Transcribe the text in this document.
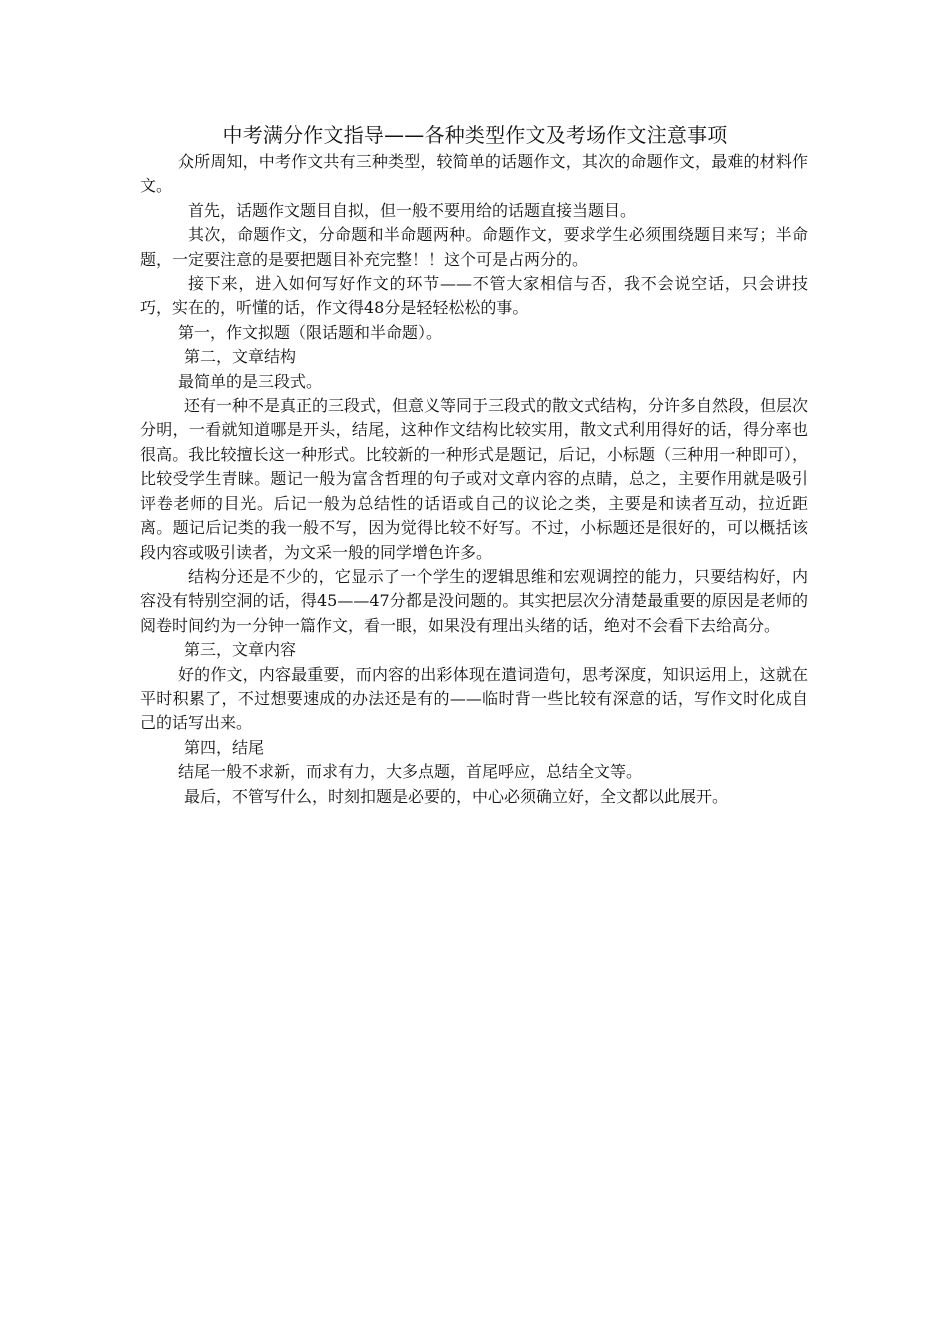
中考满分作文指导——各种类型作文及考场作文注意事项

众所周知，中考作文共有三种类型，较简单的话题作文，其次的命题作文，最难的材料作文。

首先，话题作文题目自拟，但一般不要用给的话题直接当题目。

其次，命题作文，分命题和半命题两种。命题作文，要求学生必须围绕题目来写；半命题，一定要注意的是要把题目补充完整！！这个可是占两分的。

接下来，进入如何写好作文的环节——不管大家相信与否，我不会说空话，只会讲技巧，实在的，听懂的话，作文得48分是轻轻松松的事。

第一，作文拟题（限话题和半命题）。

第二，文章结构

最简单的是三段式。

还有一种不是真正的三段式，但意义等同于三段式的散文式结构，分许多自然段，但层次分明，一看就知道哪是开头，结尾，这种作文结构比较实用，散文式利用得好的话，得分率也很高。我比较擅长这一种形式。比较新的一种形式是题记，后记，小标题（三种用一种即可），比较受学生青睐。题记一般为富含哲理的句子或对文章内容的点睛，总之，主要作用就是吸引评卷老师的目光。后记一般为总结性的话语或自己的议论之类，主要是和读者互动，拉近距离。题记后记类的我一般不写，因为觉得比较不好写。不过，小标题还是很好的，可以概括该段内容或吸引读者，为文采一般的同学增色许多。

结构分还是不少的，它显示了一个学生的逻辑思维和宏观调控的能力，只要结构好，内容没有特别空洞的话，得45——47分都是没问题的。其实把层次分清楚最重要的原因是老师的阅卷时间约为一分钟一篇作文，看一眼，如果没有理出头绪的话，绝对不会看下去给高分。

第三，文章内容

好的作文，内容最重要，而内容的出彩体现在遣词造句，思考深度，知识运用上，这就在平时积累了，不过想要速成的办法还是有的——临时背一些比较有深意的话，写作文时化成自己的话写出来。

第四，结尾

结尾一般不求新，而求有力，大多点题，首尾呼应，总结全文等。

最后，不管写什么，时刻扣题是必要的，中心必须确立好，全文都以此展开。
